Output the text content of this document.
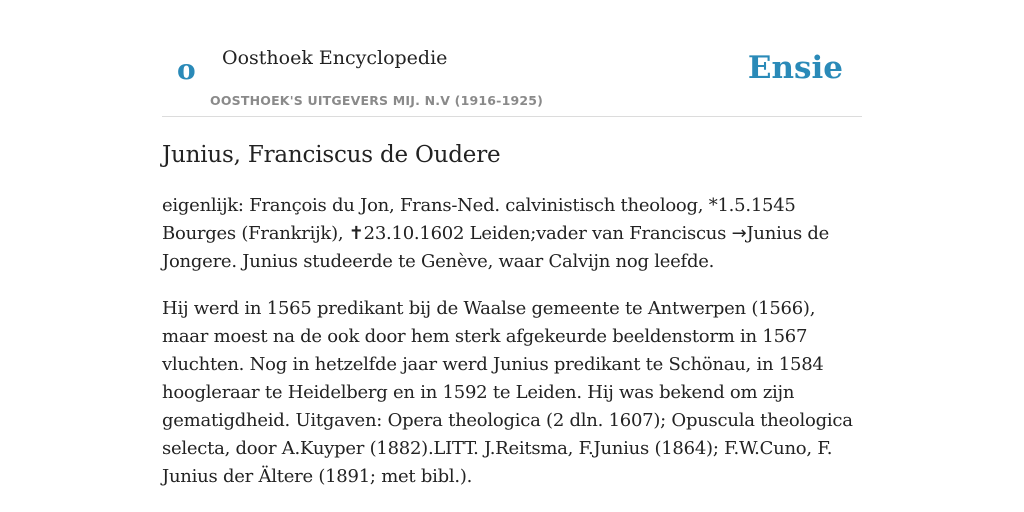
o Oosthoek Encyclopedie
OOSTHOEK'S UITGEVERS MIJ. N.V (1916-1925)
Ensie
Junius, Franciscus de Oudere

eigenlijk: François du Jon, Frans-Ned. calvinistisch theoloog, *1.5.1545 Bourges (Frankrijk), ✝23.10.1602 Leiden;vader van Franciscus →Junius de Jongere. Junius studeerde te Genève, waar Calvijn nog leefde.

Hij werd in 1565 predikant bij de Waalse gemeente te Antwerpen (1566), maar moest na de ook door hem sterk afgekeurde beeldenstorm in 1567 vluchten. Nog in hetzelfde jaar werd Junius predikant te Schönau, in 1584 hoogleraar te Heidelberg en in 1592 te Leiden. Hij was bekend om zijn gematigdheid. Uitgaven: Opera theologica (2 dln. 1607); Opuscula theologica selecta, door A.Kuyper (1882).LITT. J.Reitsma, F.Junius (1864); F.W.Cuno, F. Junius der Ältere (1891; met bibl.).
